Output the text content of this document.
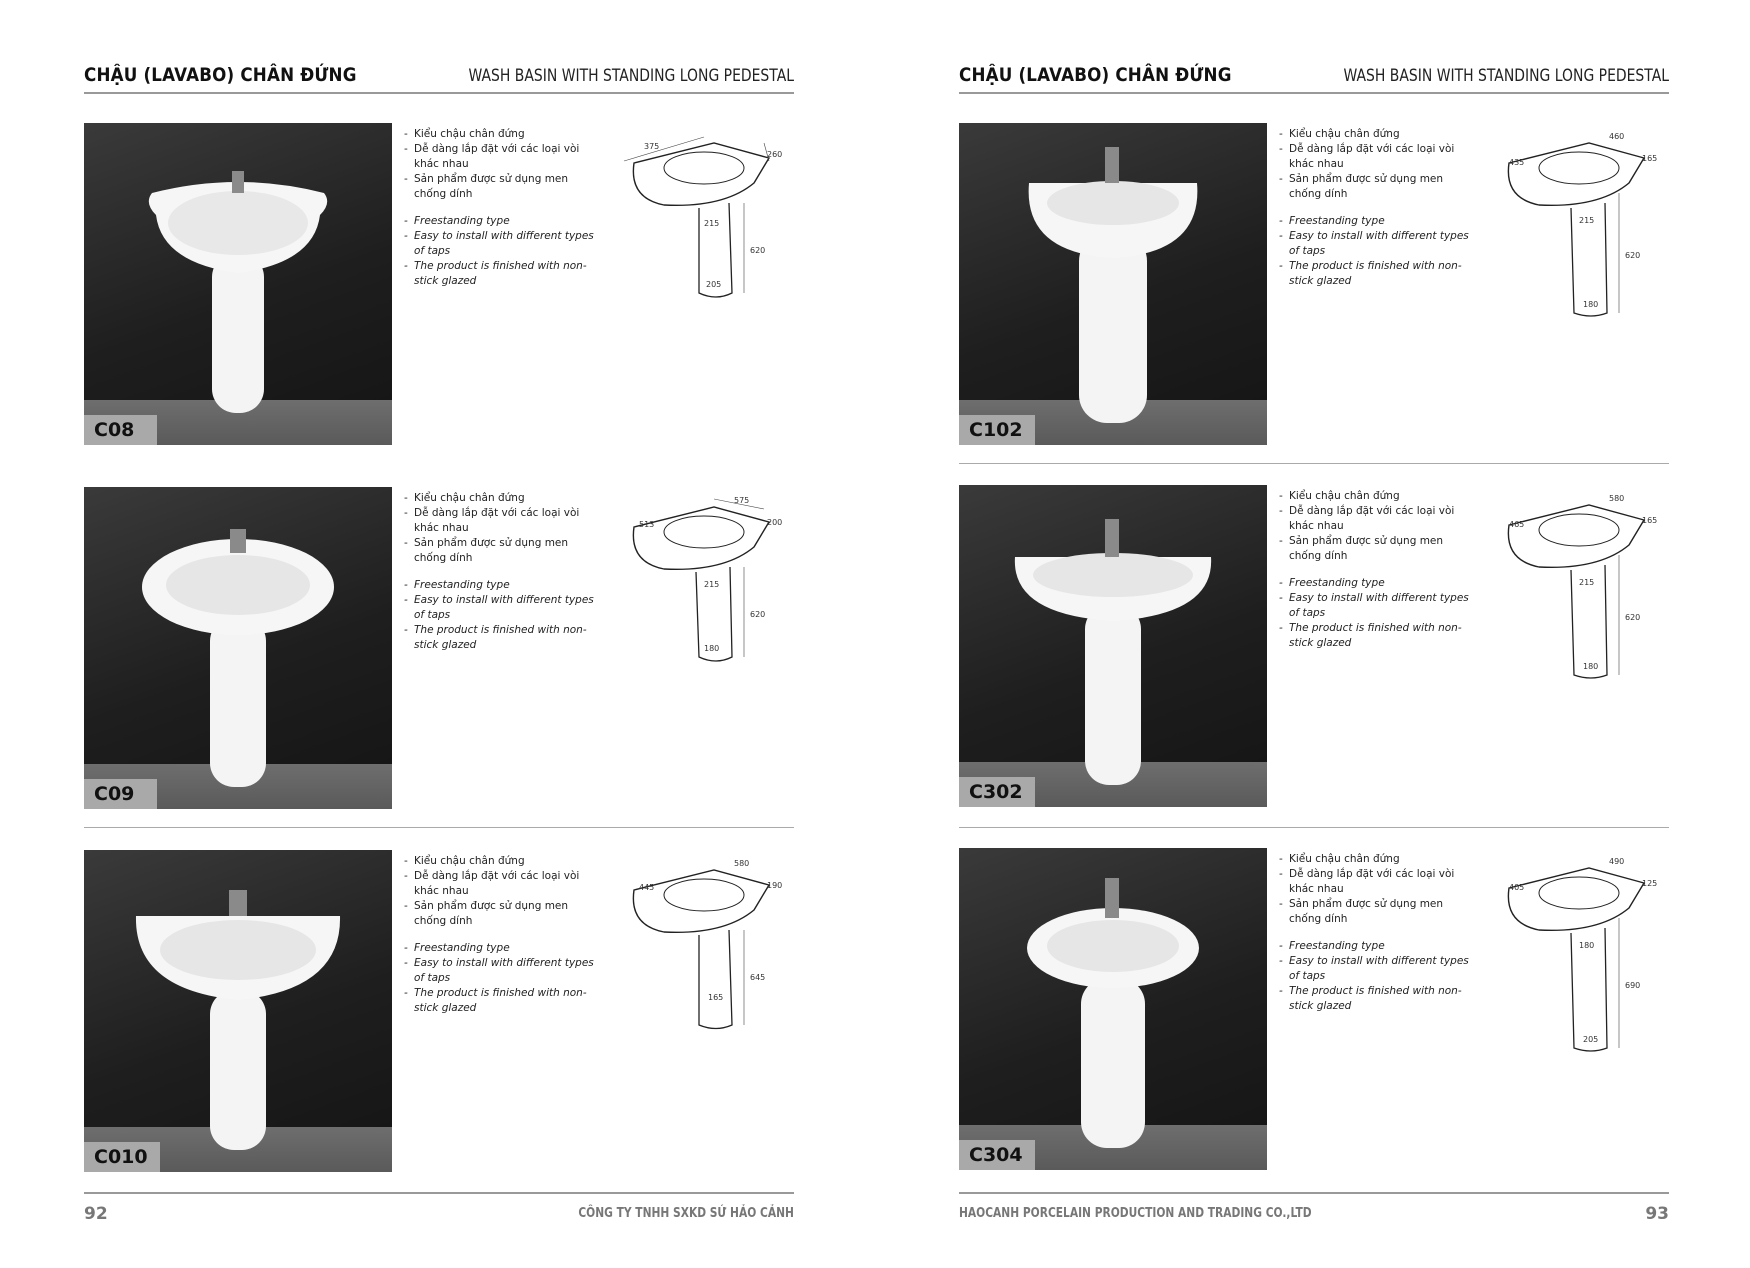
CHẬU (LAVABO) CHÂN ĐỨNG	WASH BASIN WITH STANDING LONG PEDESTAL
C08
- Kiểu chậu chân đứng
- Dễ dàng lắp đặt với các loại vòi khác nhau
- Sản phẩm được sử dụng men chống dính
- Freestanding type
- Easy to install with different types of taps
- The product is finished with non-stick glazed
375
260
215
620
205
C09
- Kiểu chậu chân đứng
- Dễ dàng lắp đặt với các loại vòi khác nhau
- Sản phẩm được sử dụng men chống dính
- Freestanding type
- Easy to install with different types of taps
- The product is finished with non-stick glazed
575
513	200
215
620
180
C010
- Kiểu chậu chân đứng
- Dễ dàng lắp đặt với các loại vòi khác nhau
- Sản phẩm được sử dụng men chống dính
- Freestanding type
- Easy to install with different types of taps
- The product is finished with non-stick glazed
580
445	190
645
165
92	CÔNG TY TNHH SXKD SỨ HẢO CẢNH
CHẬU (LAVABO) CHÂN ĐỨNG	WASH BASIN WITH STANDING LONG PEDESTAL
C102
- Kiểu chậu chân đứng
- Dễ dàng lắp đặt với các loại vòi khác nhau
- Sản phẩm được sử dụng men chống dính
- Freestanding type
- Easy to install with different types of taps
- The product is finished with non-stick glazed
460
435	165
215
620
180
C302
- Kiểu chậu chân đứng
- Dễ dàng lắp đặt với các loại vòi khác nhau
- Sản phẩm được sử dụng men chống dính
- Freestanding type
- Easy to install with different types of taps
- The product is finished with non-stick glazed
580
465	165
215
620
180
C304
- Kiểu chậu chân đứng
- Dễ dàng lắp đặt với các loại vòi khác nhau
- Sản phẩm được sử dụng men chống dính
- Freestanding type
- Easy to install with different types of taps
- The product is finished with non-stick glazed
490
405	125
180
690
205
HAOCANH PORCELAIN PRODUCTION AND TRADING CO.,LTD	93
